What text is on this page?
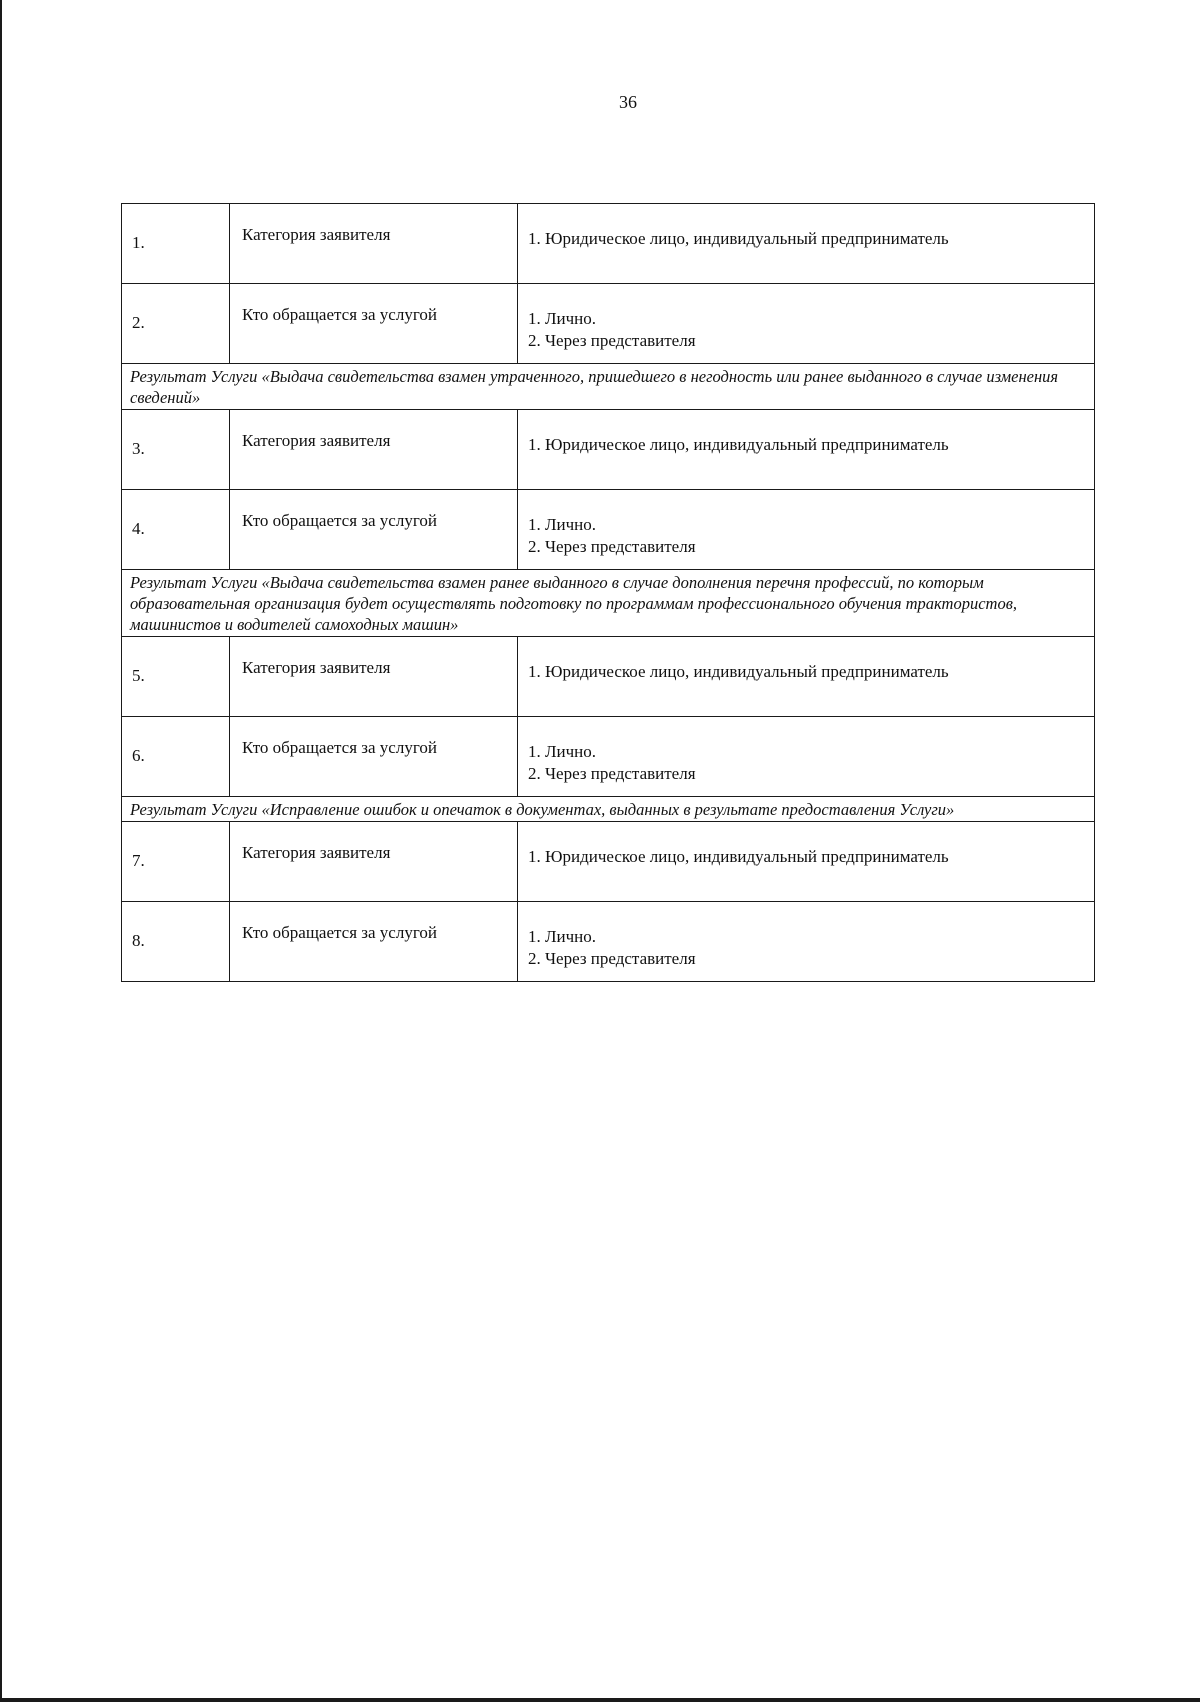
36
1.	Категория заявителя	1. Юридическое лицо, индивидуальный предприниматель

2.	Кто обращается за услугой	1. Лично.
2. Через представителя

Результат Услуги «Выдача свидетельства взамен утраченного, пришедшего в негодность или ранее выданного в случае изменения сведений»		
3.	Категория заявителя	1. Юридическое лицо, индивидуальный предприниматель

4.	Кто обращается за услугой	1. Лично.
2. Через представителя

Результат Услуги «Выдача свидетельства взамен ранее выданного в случае дополнения перечня профессий, по которым образовательная организация будет осуществлять подготовку по программам профессионального обучения трактористов, машинистов и водителей самоходных машин»		
5.	Категория заявителя	1. Юридическое лицо, индивидуальный предприниматель

6.	Кто обращается за услугой	1. Лично.
2. Через представителя

Результат Услуги «Исправление ошибок и опечаток в документах, выданных в результате предоставления Услуги»		
7.	Категория заявителя	1. Юридическое лицо, индивидуальный предприниматель

8.	Кто обращается за услугой	1. Лично.
2. Через представителя
